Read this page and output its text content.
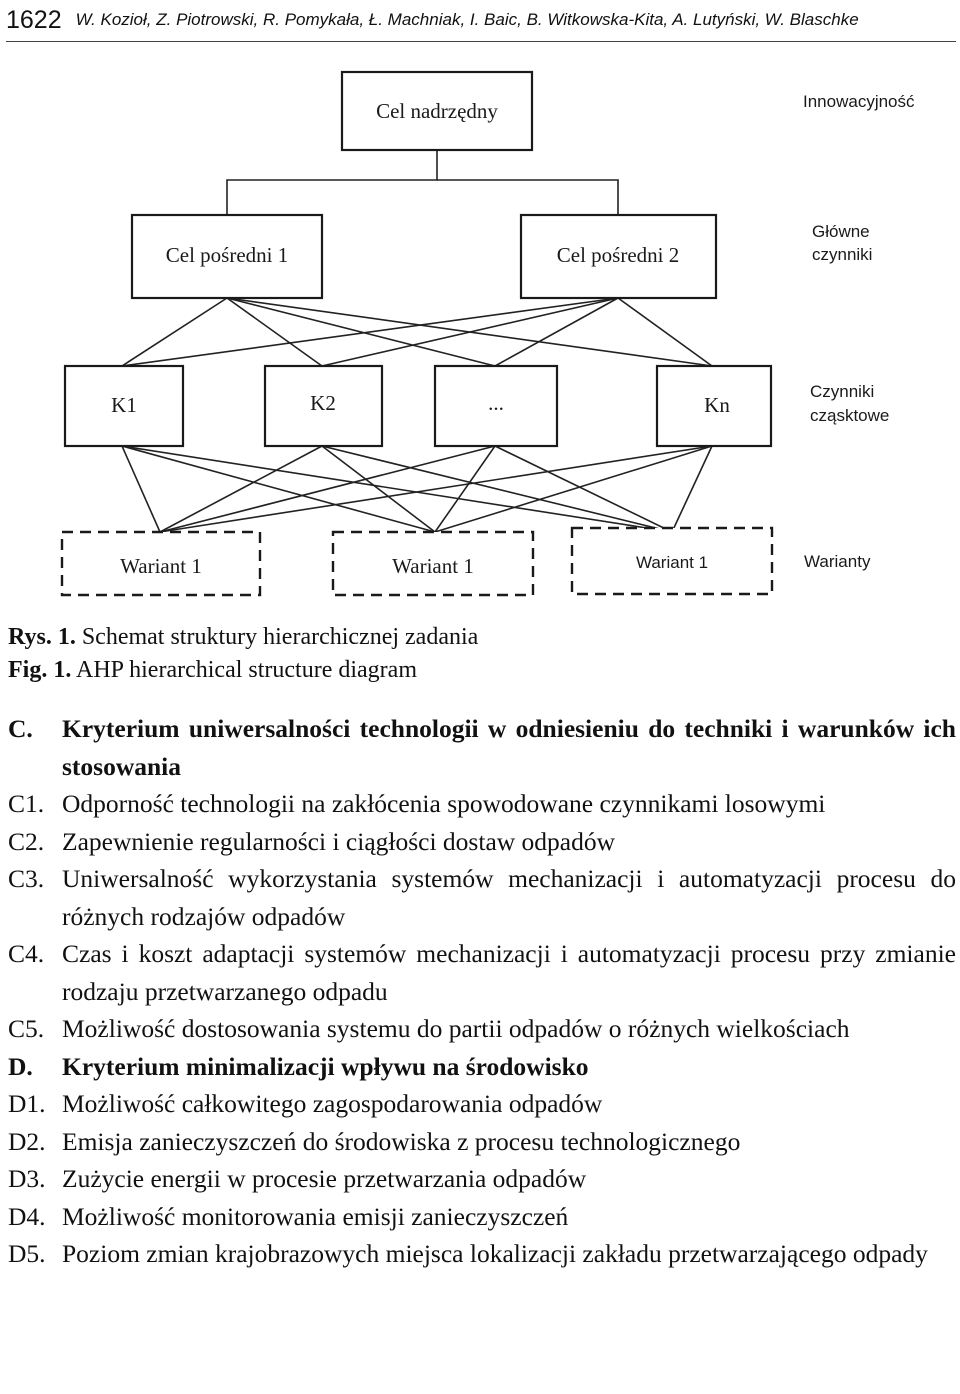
1622 W. Kozioł, Z. Piotrowski, R. Pomykała, Ł. Machniak, I. Baic, B. Witkowska-Kita, A. Lutyński, W. Blaschke
Cel nadrzędny
Cel pośredni 1	Cel pośredni 2
K1	K2	...	Kn
Wariant 1	Wariant 1	Wariant 1
Innowacyjność
Główne
czynniki
Czynniki
cząsktowe
Warianty
Rys. 1. Schemat struktury hierarchicznej zadania
Fig. 1. AHP hierarchical structure diagram
C.	Kryterium uniwersalności technologii w odniesieniu do techniki i warunków ich stosowania
C1. Odporność technologii na zakłócenia spowodowane czynnikami losowymi
C2. Zapewnienie regularności i ciągłości dostaw odpadów
C3. Uniwersalność wykorzystania systemów mechanizacji i automatyzacji procesu do różnych rodzajów odpadów
C4. Czas i koszt adaptacji systemów mechanizacji i automatyzacji procesu przy zmianie rodzaju przetwarzanego odpadu
C5. Możliwość dostosowania systemu do partii odpadów o różnych wielkościach
D.	Kryterium minimalizacji wpływu na środowisko
D1. Możliwość całkowitego zagospodarowania odpadów
D2. Emisja zanieczyszczeń do środowiska z procesu technologicznego
D3. Zużycie energii w procesie przetwarzania odpadów
D4. Możliwość monitorowania emisji zanieczyszczeń
D5. Poziom zmian krajobrazowych miejsca lokalizacji zakładu przetwarzającego odpady
